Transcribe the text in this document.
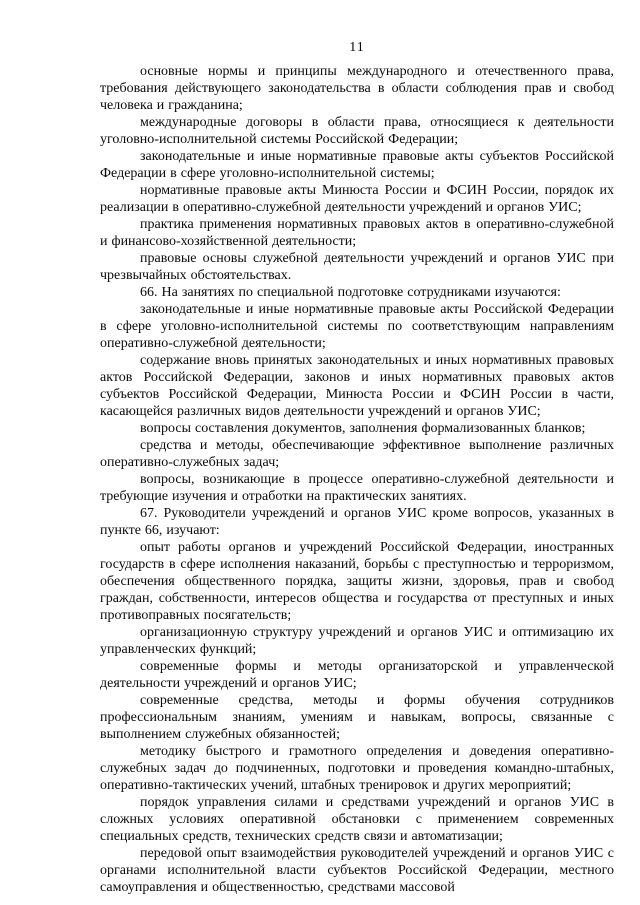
11

основные нормы и принципы международного и отечественного права, требования действующего законодательства в области соблюдения прав и свобод человека и гражданина;

международные договоры в области права, относящиеся к деятельности уголовно-исполнительной системы Российской Федерации;

законодательные и иные нормативные правовые акты субъектов Российской Федерации в сфере уголовно-исполнительной системы;

нормативные правовые акты Минюста России и ФСИН России, порядок их реализации в оперативно-служебной деятельности учреждений и органов УИС;

практика применения нормативных правовых актов в оперативно-служебной и финансово-хозяйственной деятельности;

правовые основы служебной деятельности учреждений и органов УИС при чрезвычайных обстоятельствах.

66. На занятиях по специальной подготовке сотрудниками изучаются:

законодательные и иные нормативные правовые акты Российской Федерации в сфере уголовно-исполнительной системы по соответствующим направлениям оперативно-служебной деятельности;

содержание вновь принятых законодательных и иных нормативных правовых актов Российской Федерации, законов и иных нормативных правовых актов субъектов Российской Федерации, Минюста России и ФСИН России в части, касающейся различных видов деятельности учреждений и органов УИС;

вопросы составления документов, заполнения формализованных бланков;

средства и методы, обеспечивающие эффективное выполнение различных оперативно-служебных задач;

вопросы, возникающие в процессе оперативно-служебной деятельности и требующие изучения и отработки на практических занятиях.

67. Руководители учреждений и органов УИС кроме вопросов, указанных в пункте 66, изучают:

опыт работы органов и учреждений Российской Федерации, иностранных государств в сфере исполнения наказаний, борьбы с преступностью и терроризмом, обеспечения общественного порядка, защиты жизни, здоровья, прав и свобод граждан, собственности, интересов общества и государства от преступных и иных противоправных посягательств;

организационную структуру учреждений и органов УИС и оптимизацию их управленческих функций;

современные формы и методы организаторской и управленческой деятельности учреждений и органов УИС;

современные средства, методы и формы обучения сотрудников профессиональным знаниям, умениям и навыкам, вопросы, связанные с выполнением служебных обязанностей;

методику быстрого и грамотного определения и доведения оперативно-служебных задач до подчиненных, подготовки и проведения командно-штабных, оперативно-тактических учений, штабных тренировок и других мероприятий;

порядок управления силами и средствами учреждений и органов УИС в сложных условиях оперативной обстановки с применением современных специальных средств, технических средств связи и автоматизации;

передовой опыт взаимодействия руководителей учреждений и органов УИС с органами исполнительной власти субъектов Российской Федерации, местного самоуправления и общественностью, средствами массовой
